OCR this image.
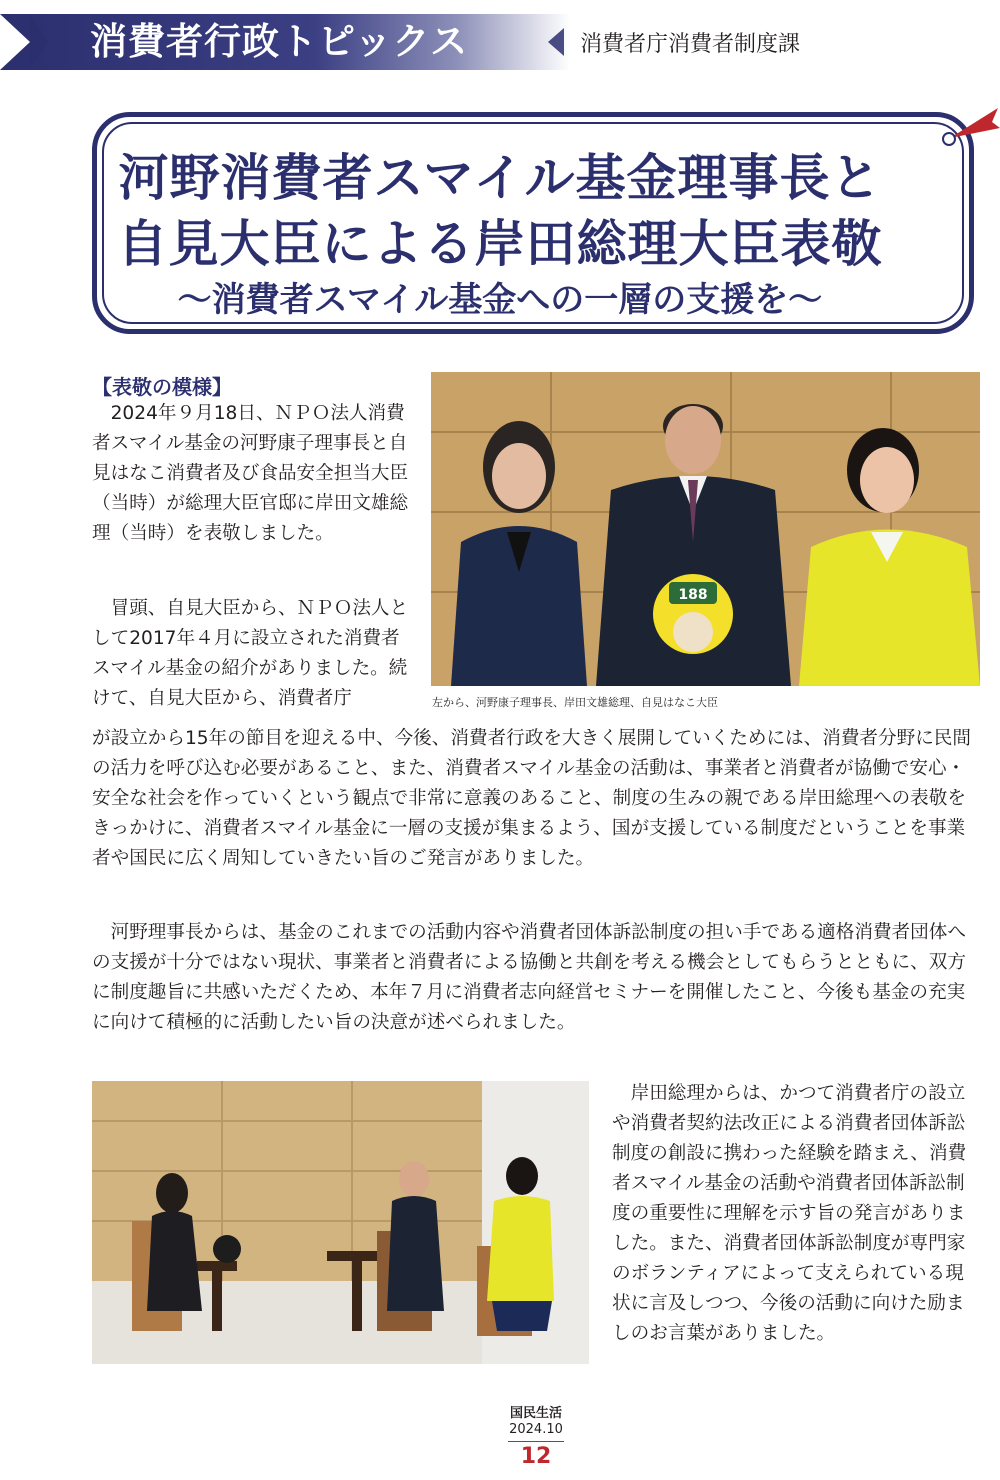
消費者行政トピックス	消費者庁消費者制度課
河野消費者スマイル基金理事長と
自見大臣による岸田総理大臣表敬
〜消費者スマイル基金への一層の支援を〜
【表敬の模様】

　2024年９月18日、ＮＰＯ法人消費者スマイル基金の河野康子理事長と自見はなこ消費者及び食品安全担当大臣（当時）が総理大臣官邸に岸田文雄総理（当時）を表敬しました。

　冒頭、自見大臣から、ＮＰＯ法人として2017年４月に設立された消費者スマイル基金の紹介がありました。続けて、自見大臣から、消費者庁

が設立から15年の節目を迎える中、今後、消費者行政を大きく展開していくためには、消費者分野に民間の活力を呼び込む必要があること、また、消費者スマイル基金の活動は、事業者と消費者が協働で安心・安全な社会を作っていくという観点で非常に意義のあること、制度の生みの親である岸田総理への表敬をきっかけに、消費者スマイル基金に一層の支援が集まるよう、国が支援している制度だということを事業者や国民に広く周知していきたい旨のご発言がありました。

　河野理事長からは、基金のこれまでの活動内容や消費者団体訴訟制度の担い手である適格消費者団体への支援が十分ではない現状、事業者と消費者による協働と共創を考える機会としてもらうとともに、双方に制度趣旨に共感いただくため、本年７月に消費者志向経営セミナーを開催したこと、今後も基金の充実に向けて積極的に活動したい旨の決意が述べられました。

　岸田総理からは、かつて消費者庁の設立や消費者契約法改正による消費者団体訴訟制度の創設に携わった経験を踏まえ、消費者スマイル基金の活動や消費者団体訴訟制度の重要性に理解を示す旨の発言がありました。また、消費者団体訴訟制度が専門家のボランティアによって支えられている現状に言及しつつ、今後の活動に向けた励ましのお言葉がありました。

188
左から、河野康子理事長、岸田文雄総理、自見はなこ大臣
国民生活
2024.10
12
